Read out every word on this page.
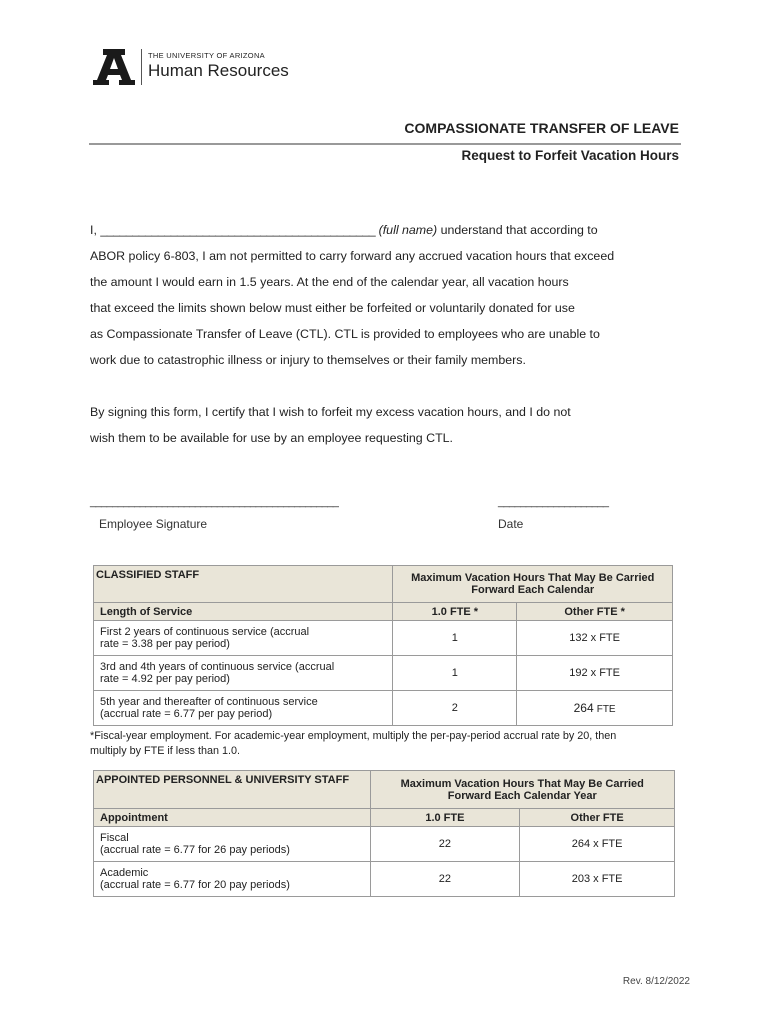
THE UNIVERSITY OF ARIZONA
Human Resources
COMPASSIONATE TRANSFER OF LEAVE
Request to Forfeit Vacation Hours

I, ___________________________________________ (full name) understand that according to

ABOR policy 6-803, I am not permitted to carry forward any accrued vacation hours that exceed

the amount I would earn in 1.5 years. At the end of the calendar year, all vacation hours

that exceed the limits shown below must either be forfeited or voluntarily donated for use

as Compassionate Transfer of Leave (CTL). CTL is provided to employees who are unable to

work due to catastrophic illness or injury to themselves or their family members.

By signing this form, I certify that I wish to forfeit my excess vacation hours, and I do not

wish them to be available for use by an employee requesting CTL.

_____________________________________________	____________________
Employee Signature	Date
CLASSIFIED STAFF	Maximum Vacation Hours That May Be Carried Forward Each Calendar	
Length of Service	1.0 FTE *	Other FTE *

First 2 years of continuous service (accrual
rate = 3.38 per pay period)	1	132 x FTE

3rd and 4th years of continuous service (accrual
rate = 4.92 per pay period)	1	192 x FTE

5th year and thereafter of continuous service
(accrual rate = 6.77 per pay period)	2	264 FTE
*Fiscal-year employment. For academic-year employment, multiply the per-pay-period accrual rate by 20, then
multiply by FTE if less than 1.0.
APPOINTED PERSONNEL & UNIVERSITY STAFF	Maximum Vacation Hours That May Be Carried
Forward Each Calendar Year	

Appointment	1.0 FTE	Other FTE

Fiscal
(accrual rate = 6.77 for 26 pay periods)	22	264 x FTE

Academic
(accrual rate = 6.77 for 20 pay periods)	22	203 x FTE
Rev. 8/12/2022
